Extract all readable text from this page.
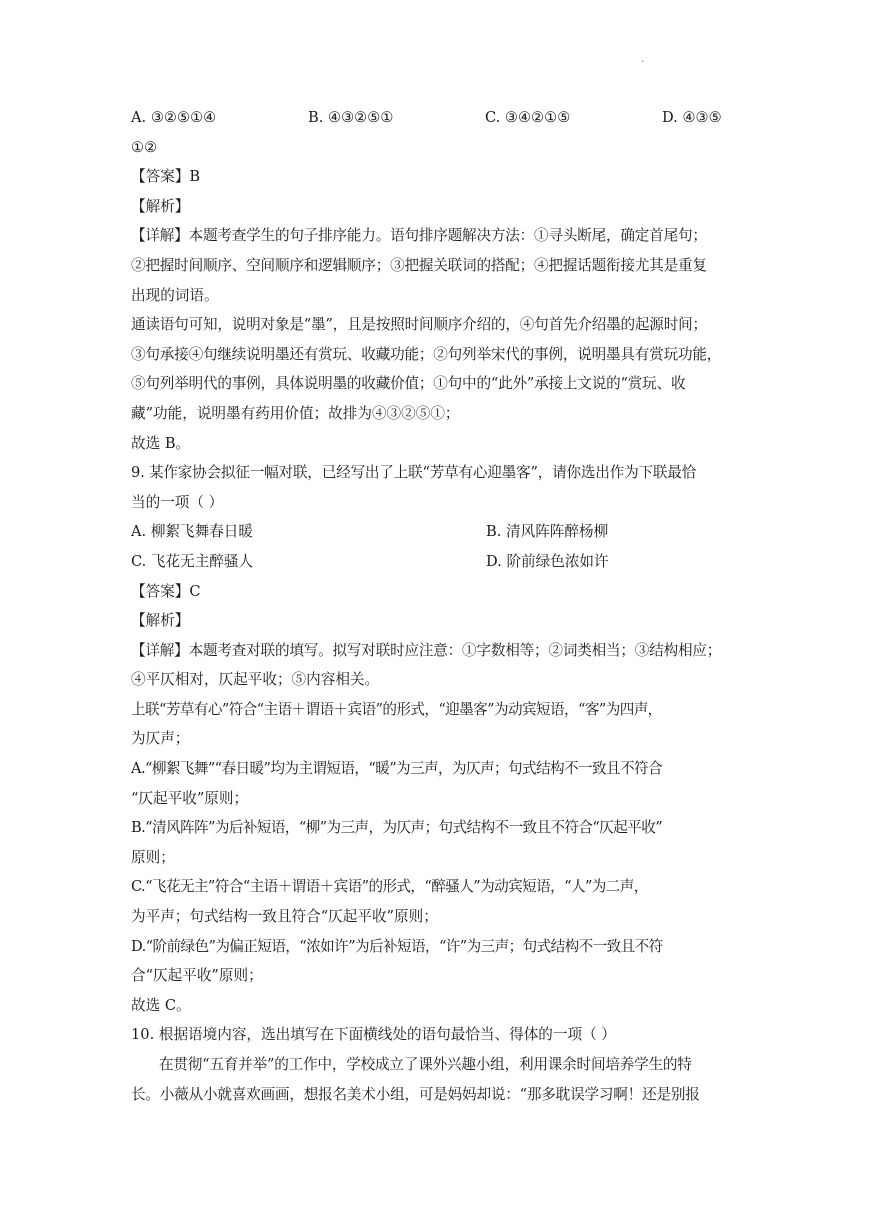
.
A. ③②⑤①④	B. ④③②⑤①	C. ③④②①⑤	D. ④③⑤
①②
【答案】B
【解析】
【详解】本题考查学生的句子排序能力。语句排序题解决方法：①寻头断尾，确定首尾句；
②把握时间顺序、空间顺序和逻辑顺序；③把握关联词的搭配；④把握话题衔接尤其是重复
出现的词语。
通读语句可知，说明对象是“墨”，且是按照时间顺序介绍的，④句首先介绍墨的起源时间；
③句承接④句继续说明墨还有赏玩、收藏功能；②句列举宋代的事例，说明墨具有赏玩功能，
⑤句列举明代的事例，具体说明墨的收藏价值；①句中的“此外”承接上文说的“赏玩、收
藏”功能，说明墨有药用价值；故排为④③②⑤①；
故选 B。
9. 某作家协会拟征一幅对联，已经写出了上联“芳草有心迎墨客”，请你选出作为下联最恰
当的一项（ ）
A. 柳絮飞舞春日暖	B. 清风阵阵醉杨柳
C. 飞花无主醉骚人	D. 阶前绿色浓如许
【答案】C
【解析】
【详解】本题考查对联的填写。拟写对联时应注意：①字数相等；②词类相当；③结构相应；
④平仄相对，仄起平收；⑤内容相关。
上联“芳草有心”符合“主语＋谓语＋宾语”的形式，“迎墨客”为动宾短语，“客”为四声，
为仄声；
A.“柳絮飞舞”“春日暖”均为主谓短语，“暖”为三声，为仄声；句式结构不一致且不符合
“仄起平收”原则；
B.“清风阵阵”为后补短语，“柳”为三声，为仄声；句式结构不一致且不符合“仄起平收”
原则；
C.“飞花无主”符合“主语＋谓语＋宾语”的形式，“醉骚人”为动宾短语，“人”为二声，
为平声；句式结构一致且符合“仄起平收”原则；
D.“阶前绿色”为偏正短语，“浓如许”为后补短语，“许”为三声；句式结构不一致且不符
合“仄起平收”原则；
故选 C。
10. 根据语境内容，选出填写在下面横线处的语句最恰当、得体的一项（ ）
在贯彻“五育并举”的工作中，学校成立了课外兴趣小组，利用课余时间培养学生的特
长。小薇从小就喜欢画画，想报名美术小组，可是妈妈却说：“那多耽误学习啊！还是别报
